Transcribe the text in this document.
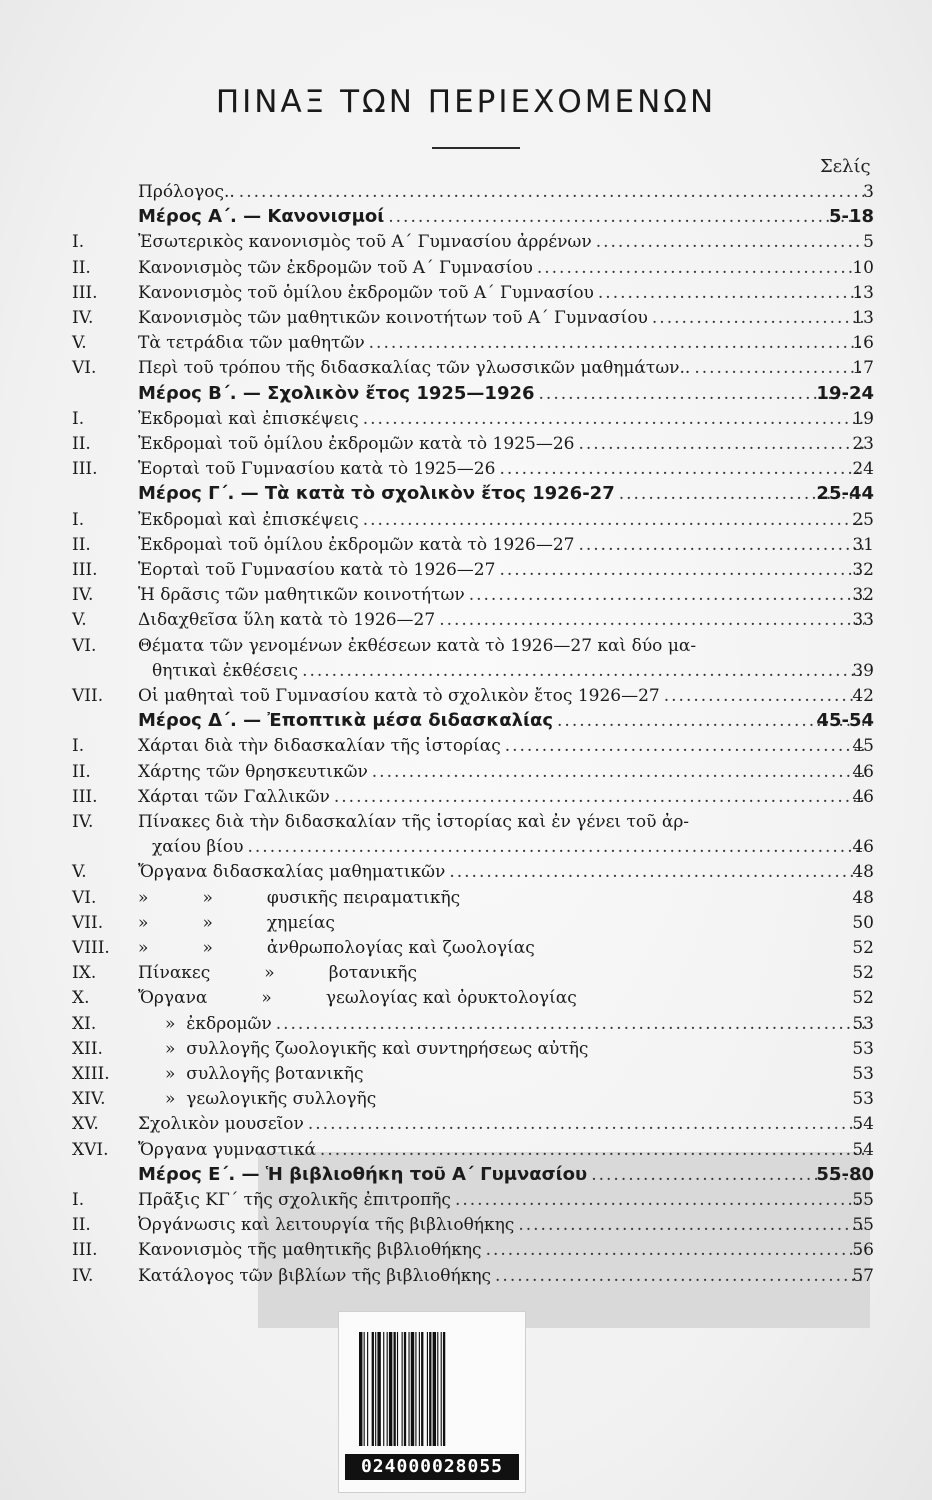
ΠΙΝΑΞ ΤΩΝ ΠΕΡΙΕΧΟΜΕΝΩΝ
Σελίς
Πρόλογος.. .....	3
Μέρος Α΄. — Κανονισμοί .....	5-18
I.	Ἐσωτερικὸς κανονισμὸς τοῦ Α΄ Γυμνασίου ἀρρένων .....	5
II.	Κανονισμὸς τῶν ἐκδρομῶν τοῦ Α΄ Γυμνασίου .....	10
III.	Κανονισμὸς τοῦ ὁμίλου ἐκδρομῶν τοῦ Α΄ Γυμνασίου .....	13
IV.	Κανονισμὸς τῶν μαθητικῶν κοινοτήτων τοῦ Α΄ Γυμνασίου .....	13
V.	Τὰ τετράδια τῶν μαθητῶν .....	16
VI.	Περὶ τοῦ τρόπου τῆς διδασκαλίας τῶν γλωσσικῶν μαθημάτων.. .....	17
Μέρος Β΄. — Σχολικὸν ἔτος 1925—1926 .....	19-24
I.	Ἐκδρομαὶ καὶ ἐπισκέψεις .....	19
II.	Ἐκδρομαὶ τοῦ ὁμίλου ἐκδρομῶν κατὰ τὸ 1925—26 .....	23
III.	Ἑορταὶ τοῦ Γυμνασίου κατὰ τὸ 1925—26 .....	24
Μέρος Γ΄. — Τὰ κατὰ τὸ σχολικὸν ἔτος 1926-27 .....	25-44
I.	Ἐκδρομαὶ καὶ ἐπισκέψεις .....	25
II.	Ἐκδρομαὶ τοῦ ὁμίλου ἐκδρομῶν κατὰ τὸ 1926—27 .....	31
III.	Ἑορταὶ τοῦ Γυμνασίου κατὰ τὸ 1926—27 .....	32
IV.	Ἡ δρᾶσις τῶν μαθητικῶν κοινοτήτων .....	32
V.	Διδαχθεῖσα ὕλη κατὰ τὸ 1926—27 .....	33
VI.	Θέματα τῶν γενομένων ἐκθέσεων κατὰ τὸ 1926—27 καὶ δύο μα-
θητικαὶ ἐκθέσεις .....	39
VII.	Οἱ μαθηταὶ τοῦ Γυμνασίου κατὰ τὸ σχολικὸν ἔτος 1926—27 .....	42
Μέρος Δ΄. — Ἐποπτικὰ μέσα διδασκαλίας .....	45-54
I.	Χάρται διὰ τὴν διδασκαλίαν τῆς ἱστορίας .....	45
II.	Χάρτης τῶν θρησκευτικῶν .....	46
III.	Χάρται τῶν Γαλλικῶν .....	46
IV.	Πίνακες διὰ τὴν διδασκαλίαν τῆς ἱστορίας καὶ ἐν γένει τοῦ ἀρ-
χαίου βίου .....	46
V.	Ὄργανα διδασκαλίας μαθηματικῶν .....	48
VI.	»          »          φυσικῆς πειραματικῆς	48
VII.	»          »          χημείας	50
VIII.	»          »          ἀνθρωπολογίας καὶ ζωολογίας	52
IX.	Πίνακες          »          βοτανικῆς	52
X.	Ὄργανα          »          γεωλογίας καὶ ὀρυκτολογίας	52
XI.	»  ἐκδρομῶν .....	53
XII.	»  συλλογῆς ζωολογικῆς καὶ συντηρήσεως αὐτῆς	53
XIII.	»  συλλογῆς βοτανικῆς	53
XIV.	»  γεωλογικῆς συλλογῆς	53
XV.	Σχολικὸν μουσεῖον .....	54
XVI.	Ὄργανα γυμναστικά .....	54
Μέρος Ε΄. — Ἡ βιβλιοθήκη τοῦ Α΄ Γυμνασίου .....	55-80
I.	Πρᾶξις ΚΓ΄ τῆς σχολικῆς ἐπιτροπῆς .....	55
II.	Ὀργάνωσις καὶ λειτουργία τῆς βιβλιοθήκης .....	55
III.	Κανονισμὸς τῆς μαθητικῆς βιβλιοθήκης .....	56
IV.	Κατάλογος τῶν βιβλίων τῆς βιβλιοθήκης .....	57
024000028055
